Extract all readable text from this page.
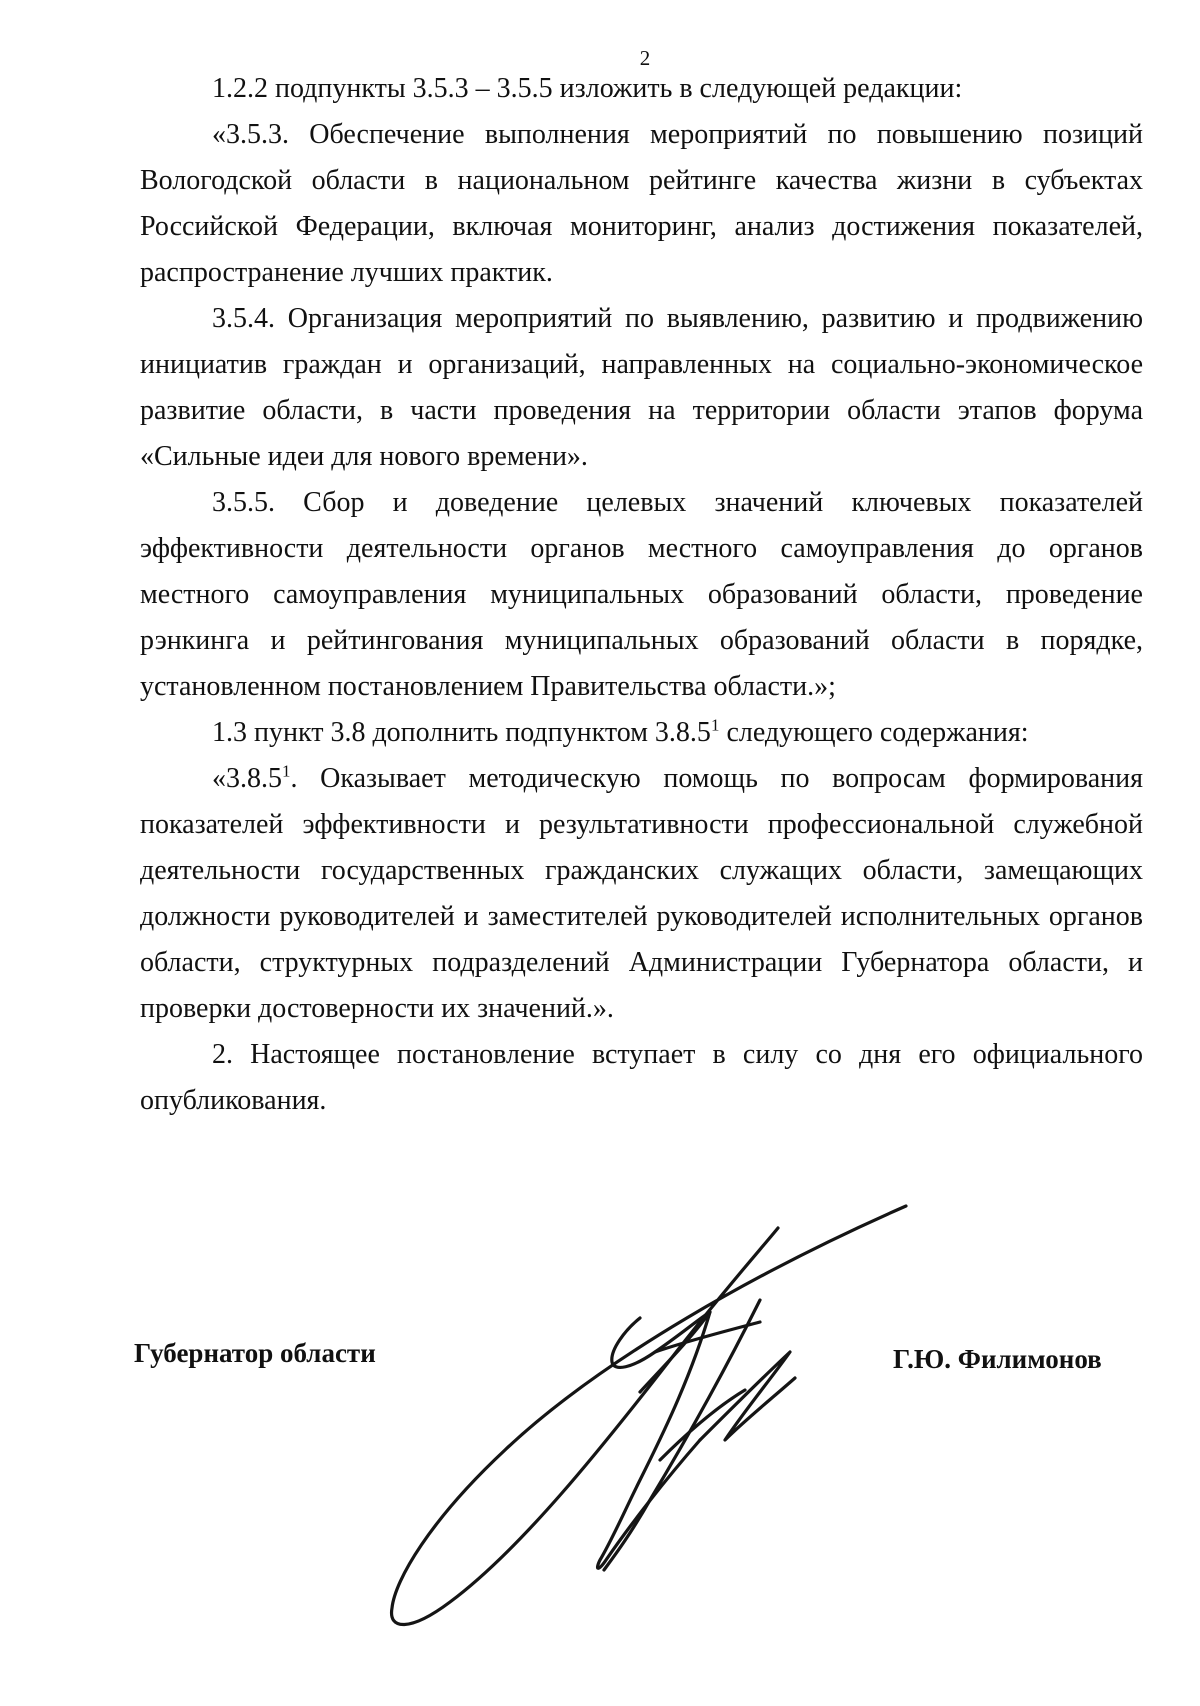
2

1.2.2 подпункты 3.5.3 – 3.5.5 изложить в следующей редакции:

«3.5.3. Обеспечение выполнения мероприятий по повышению позиций Вологодской области в национальном рейтинге качества жизни в субъектах Российской Федерации, включая мониторинг, анализ достижения показателей, распространение лучших практик.

3.5.4. Организация мероприятий по выявлению, развитию и продвижению инициатив граждан и организаций, направленных на социально-экономическое развитие области, в части проведения на территории области этапов форума «Сильные идеи для нового времени».

3.5.5. Сбор и доведение целевых значений ключевых показателей эффективности деятельности органов местного самоуправления до органов местного самоуправления муниципальных образований области, проведение рэнкинга и рейтингования муниципальных образований области в порядке, установленном постановлением Правительства области.»;

1.3 пункт 3.8 дополнить подпунктом 3.8.5$^1$ следующего содержания:

«3.8.5$^1$. Оказывает методическую помощь по вопросам формирования показателей эффективности и результативности профессиональной служебной деятельности государственных гражданских служащих области, замещающих должности руководителей и заместителей руководителей исполнительных органов области, структурных подразделений Администрации Губернатора области, и проверки достоверности их значений.».

2. Настоящее постановление вступает в силу со дня его официального опубликования.

Губернатор области	Г.Ю. Филимонов
